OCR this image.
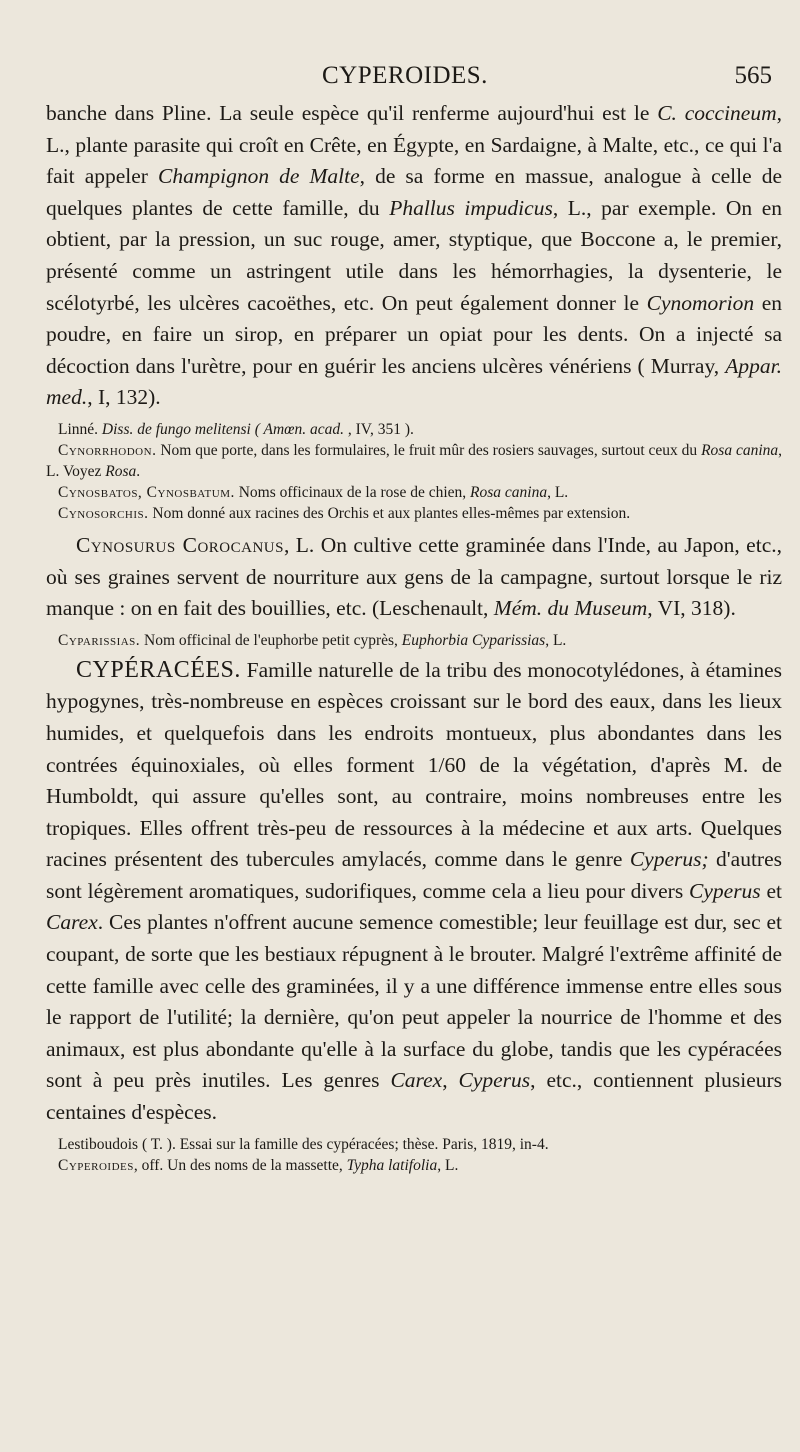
CYPEROIDES.	565

banche dans Pline. La seule espèce qu'il renferme aujourd'hui est le C. coccineum, L., plante parasite qui croît en Crête, en Égypte, en Sardaigne, à Malte, etc., ce qui l'a fait appeler Champignon de Malte, de sa forme en massue, analogue à celle de quelques plantes de cette famille, du Phallus impudicus, L., par exemple. On en obtient, par la pression, un suc rouge, amer, styptique, que Boccone a, le premier, présenté comme un astringent utile dans les hémorrhagies, la dysenterie, le scélotyrbé, les ulcères cacoëthes, etc. On peut également donner le Cynomorion en poudre, en faire un sirop, en préparer un opiat pour les dents. On a injecté sa décoction dans l'urètre, pour en guérir les anciens ulcères vénériens ( Murray, Appar. med., I, 132).

Linné. Diss. de fungo melitensi ( Amœn. acad. , IV, 351 ).

Cynorrhodon. Nom que porte, dans les formulaires, le fruit mûr des rosiers sauvages, surtout ceux du Rosa canina, L. Voyez Rosa.

Cynosbatos, Cynosbatum. Noms officinaux de la rose de chien, Rosa canina, L.

Cynosorchis. Nom donné aux racines des Orchis et aux plantes elles-mêmes par extension.

Cynosurus Corocanus, L. On cultive cette graminée dans l'Inde, au Japon, etc., où ses graines servent de nourriture aux gens de la campagne, surtout lorsque le riz manque : on en fait des bouillies, etc. (Leschenault, Mém. du Museum, VI, 318).

Cyparissias. Nom officinal de l'euphorbe petit cyprès, Euphorbia Cyparissias, L.

CYPÉRACÉES. Famille naturelle de la tribu des monocotylédones, à étamines hypogynes, très-nombreuse en espèces croissant sur le bord des eaux, dans les lieux humides, et quelquefois dans les endroits montueux, plus abondantes dans les contrées équinoxiales, où elles forment 1/60 de la végétation, d'après M. de Humboldt, qui assure qu'elles sont, au contraire, moins nombreuses entre les tropiques. Elles offrent très-peu de ressources à la médecine et aux arts. Quelques racines présentent des tubercules amylacés, comme dans le genre Cyperus; d'autres sont légèrement aromatiques, sudorifiques, comme cela a lieu pour divers Cyperus et Carex. Ces plantes n'offrent aucune semence comestible; leur feuillage est dur, sec et coupant, de sorte que les bestiaux répugnent à le brouter. Malgré l'extrême affinité de cette famille avec celle des graminées, il y a une différence immense entre elles sous le rapport de l'utilité; la dernière, qu'on peut appeler la nourrice de l'homme et des animaux, est plus abondante qu'elle à la surface du globe, tandis que les cypéracées sont à peu près inutiles. Les genres Carex, Cyperus, etc., contiennent plusieurs centaines d'espèces.

Lestiboudois ( T. ). Essai sur la famille des cypéracées; thèse. Paris, 1819, in-4.

Cyperoides, off. Un des noms de la massette, Typha latifolia, L.
